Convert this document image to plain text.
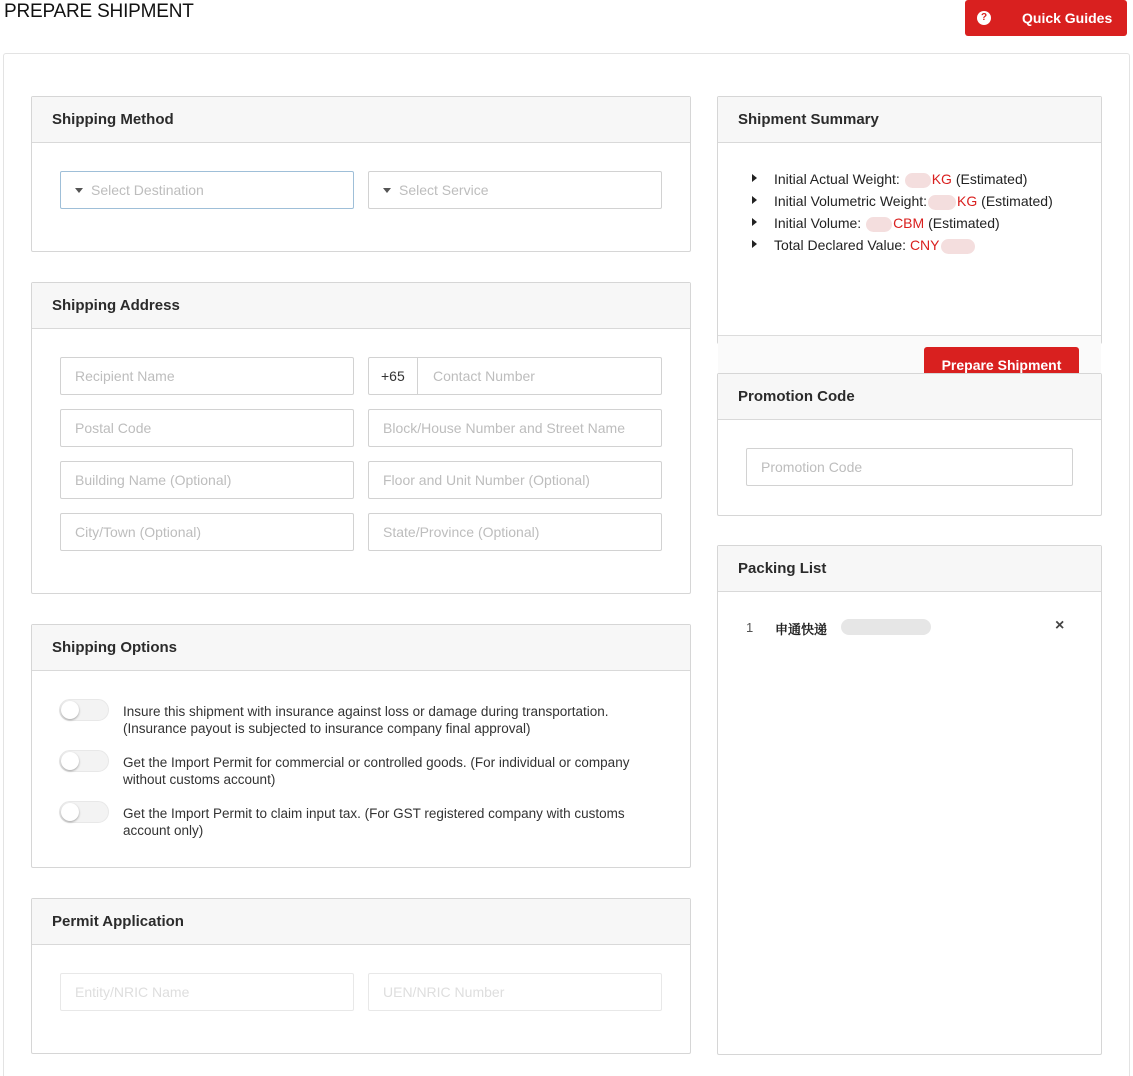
PREPARE SHIPMENT	? Quick Guides
Shipping Method
Select Destination	Select Service
Shipping Address
Recipient Name	+65	Contact Number
Postal Code	Block/House Number and Street Name
Building Name (Optional)	Floor and Unit Number (Optional)
City/Town (Optional)	State/Province (Optional)
Shipping Options
Insure this shipment with insurance against loss or damage during transportation. (Insurance payout is subjected to insurance company final approval)
Get the Import Permit for commercial or controlled goods. (For individual or company without customs account)
Get the Import Permit to claim input tax. (For GST registered company with customs account only)
Permit Application
Entity/NRIC Name	UEN/NRIC Number
Shipment Summary
Initial Actual Weight: KG (Estimated)
Initial Volumetric Weight: KG (Estimated)
Initial Volume: CBM (Estimated)
Total Declared Value: CNY
Prepare Shipment
Promotion Code
Promotion Code
Packing List
1 申通快递	×
